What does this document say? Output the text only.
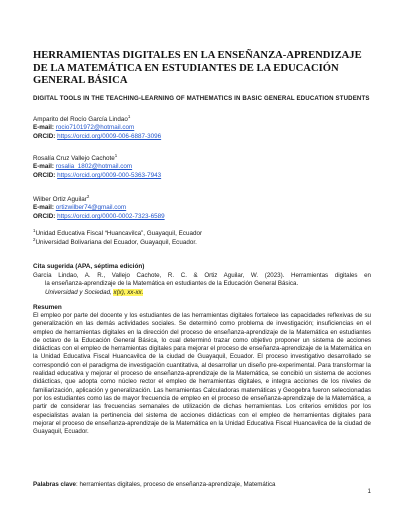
HERRAMIENTAS DIGITALES EN LA ENSEÑANZA-APRENDIZAJE DE LA MATEMÁTICA EN ESTUDIANTES DE LA EDUCACIÓN GENERAL BÁSICA
DIGITAL TOOLS IN THE TEACHING-LEARNING OF MATHEMATICS IN BASIC GENERAL EDUCATION STUDENTS
Amparito del Rocío García Lindao$^1$
E-mail: rocio7101972@hotmail.com
ORCID: https://orcid.org/0009-006-6887-3096
Rosalía Cruz Vallejo Cachote$^1$
E-mail: rosalia_1802@hotmail.com
ORCID: https://orcid.org/0009-000-5363-7943
Wilber Ortiz Aguilar$^2$
E-mail: ortizwilber74@gmail.com
ORCID: https://orcid.org/0000-0002-7323-6589
$^1$Unidad Educativa Fiscal “Huancavilca”, Guayaquil, Ecuador
$^2$Universidad Bolivariana del Ecuador, Guayaquil, Ecuador.
Cita sugerida (APA, séptima edición)
García Lindao, A. R., Vallejo Cachote, R. C. & Ortiz Aguilar, W. (2023). Herramientas digitales en
la enseñanza-aprendizaje de la Matemática en estudiantes de la Educación General Básica.
Universidad y Sociedad, x(x), xx-xx.
Resumen
El empleo por parte del docente y los estudiantes de las herramientas digitales fortalece las capacidades reflexivas de su generalización en las demás actividades sociales. Se determinó como problema de investigación; insuficiencias en el empleo de herramientas digitales en la dirección del proceso de enseñanza-aprendizaje de la Matemática en estudiantes de octavo de la Educación General Básica, lo cual determinó trazar como objetivo proponer un sistema de acciones didácticas con el empleo de herramientas digitales para mejorar el proceso de enseñanza-aprendizaje de la Matemática en la Unidad Educativa Fiscal Huancavilca de la ciudad de Guayaquil, Ecuador. El proceso investigativo desarrollado se correspondió con el paradigma de investigación cuantitativa, al desarrollar un diseño pre-experimental. Para transformar la realidad educativa y mejorar el proceso de enseñanza-aprendizaje de la Matemática, se concibió un sistema de acciones didácticas, que adopta como núcleo rector el empleo de herramientas digitales, e integra acciones de los niveles de familiarización, aplicación y generalización. Las herramientas Calculadoras matemáticas y Geogebra fueron seleccionadas por los estudiantes como las de mayor frecuencia de empleo en el proceso de enseñanza-aprendizaje de la Matemática, a partir de considerar las frecuencias semanales de utilización de dichas herramientas. Los criterios emitidos por los especialistas avalan la pertinencia del sistema de acciones didácticas con el empleo de herramientas digitales para mejorar el proceso de enseñanza-aprendizaje de la Matemática en la Unidad Educativa Fiscal Huancavilca de la ciudad de Guayaquil, Ecuador.
Palabras clave: herramientas digitales, proceso de enseñanza-aprendizaje, Matemática
1
